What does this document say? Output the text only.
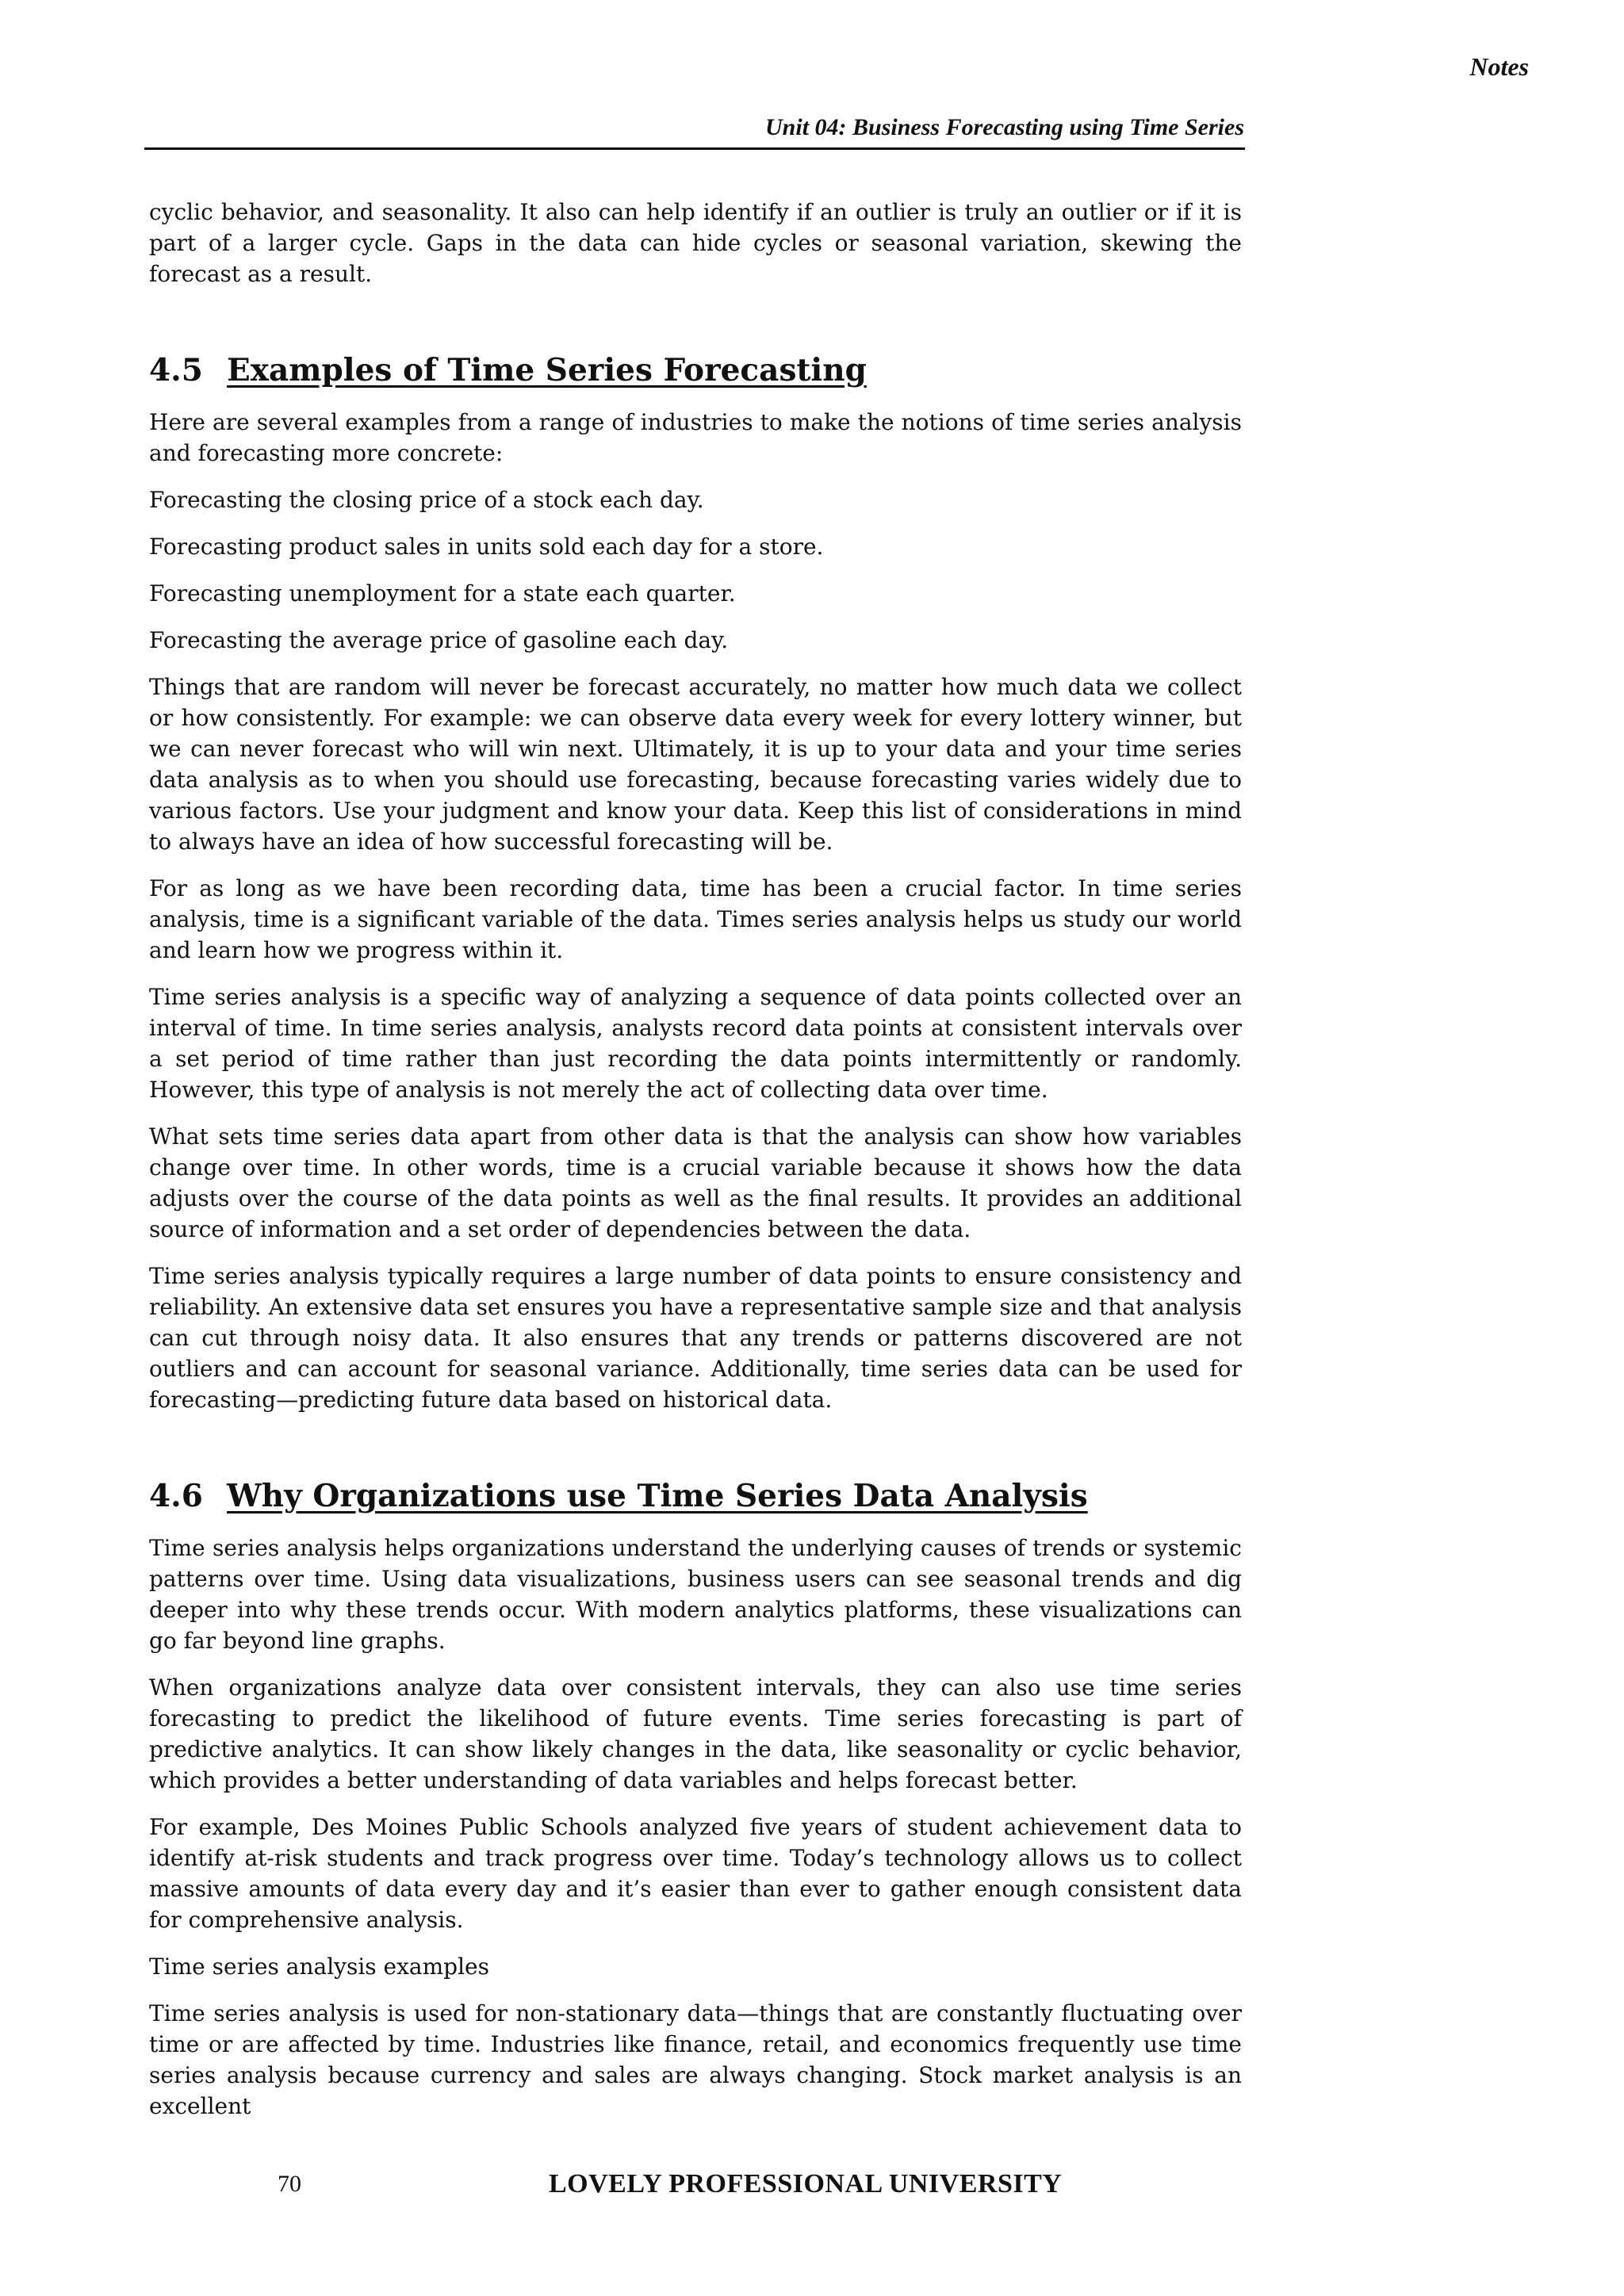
Notes
Unit 04: Business Forecasting using Time Series

cyclic behavior, and seasonality. It also can help identify if an outlier is truly an outlier or if it is part of a larger cycle. Gaps in the data can hide cycles or seasonal variation, skewing the forecast as a result.

4.5 Examples of Time Series Forecasting

Here are several examples from a range of industries to make the notions of time series analysis and forecasting more concrete:

Forecasting the closing price of a stock each day.

Forecasting product sales in units sold each day for a store.

Forecasting unemployment for a state each quarter.

Forecasting the average price of gasoline each day.

Things that are random will never be forecast accurately, no matter how much data we collect or how consistently. For example: we can observe data every week for every lottery winner, but we can never forecast who will win next. Ultimately, it is up to your data and your time series data analysis as to when you should use forecasting, because forecasting varies widely due to various factors. Use your judgment and know your data. Keep this list of considerations in mind to always have an idea of how successful forecasting will be.

For as long as we have been recording data, time has been a crucial factor. In time series analysis, time is a significant variable of the data. Times series analysis helps us study our world and learn how we progress within it.

Time series analysis is a specific way of analyzing a sequence of data points collected over an interval of time. In time series analysis, analysts record data points at consistent intervals over a set period of time rather than just recording the data points intermittently or randomly. However, this type of analysis is not merely the act of collecting data over time.

What sets time series data apart from other data is that the analysis can show how variables change over time. In other words, time is a crucial variable because it shows how the data adjusts over the course of the data points as well as the final results. It provides an additional source of information and a set order of dependencies between the data.

Time series analysis typically requires a large number of data points to ensure consistency and reliability. An extensive data set ensures you have a representative sample size and that analysis can cut through noisy data. It also ensures that any trends or patterns discovered are not outliers and can account for seasonal variance. Additionally, time series data can be used for forecasting—predicting future data based on historical data.

4.6 Why Organizations use Time Series Data Analysis

Time series analysis helps organizations understand the underlying causes of trends or systemic patterns over time. Using data visualizations, business users can see seasonal trends and dig deeper into why these trends occur. With modern analytics platforms, these visualizations can go far beyond line graphs.

When organizations analyze data over consistent intervals, they can also use time series forecasting to predict the likelihood of future events. Time series forecasting is part of predictive analytics. It can show likely changes in the data, like seasonality or cyclic behavior, which provides a better understanding of data variables and helps forecast better.

For example, Des Moines Public Schools analyzed five years of student achievement data to identify at-risk students and track progress over time. Today’s technology allows us to collect massive amounts of data every day and it’s easier than ever to gather enough consistent data for comprehensive analysis.

Time series analysis examples

Time series analysis is used for non-stationary data—things that are constantly fluctuating over time or are affected by time. Industries like finance, retail, and economics frequently use time series analysis because currency and sales are always changing. Stock market analysis is an excellent

70	LOVELY PROFESSIONAL UNIVERSITY
